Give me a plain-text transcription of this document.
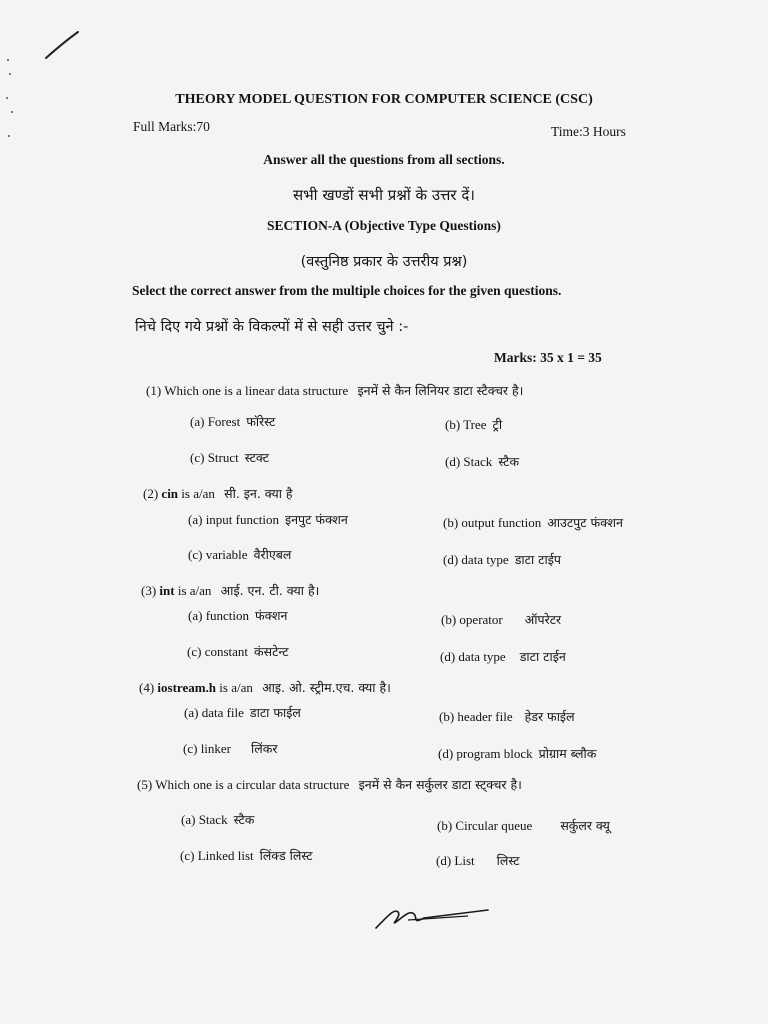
THEORY MODEL QUESTION FOR COMPUTER SCIENCE (CSC)
Full Marks:70	Time:3 Hours
Answer all the questions from all sections.
सभी खण्डों सभी प्रश्नों के उत्तर दें।
SECTION-A (Objective Type Questions)
(वस्तुनिष्ठ प्रकार के उत्तरीय प्रश्न)
Select the correct answer from the multiple choices for the given questions.
निचे दिए गये प्रश्नों के विकल्पों में से सही उत्तर चुने :-
Marks: 35 x 1 = 35
(1) Which one is a linear data structure इनमें से कैन लिनियर डाटा स्टैक्चर है।
(a) Forest फॉरेस्ट	(b) Tree ट्री
(c) Struct स्टक्ट	(d) Stack स्टैक
(2) cin is a/an सी. इन. क्या है
(a) input function इनपुट फंक्शन	(b) output function आउटपुट फंक्शन
(c) variable वैरीएबल	(d) data type डाटा टाईप
(3) int is a/an आई. एन. टी. क्या है।
(a) function फंक्शन	(b) operator ऑपरेटर
(c) constant कंसटेन्ट	(d) data type डाटा टाईन
(4) iostream.h is a/an आइ. ओ. स्ट्रीम.एच. क्या है।
(a) data file डाटा फाईल	(b) header file हेडर फाईल
(c) linker लिंकर	(d) program block प्रोग्राम ब्लौक
(5) Which one is a circular data structure इनमें से कैन सर्कुलर डाटा स्ट्क्चर है।
(a) Stack स्टैक	(b) Circular queue सर्कुलर क्यू
(c) Linked list लिंक्ड लिस्ट	(d) List लिस्ट
